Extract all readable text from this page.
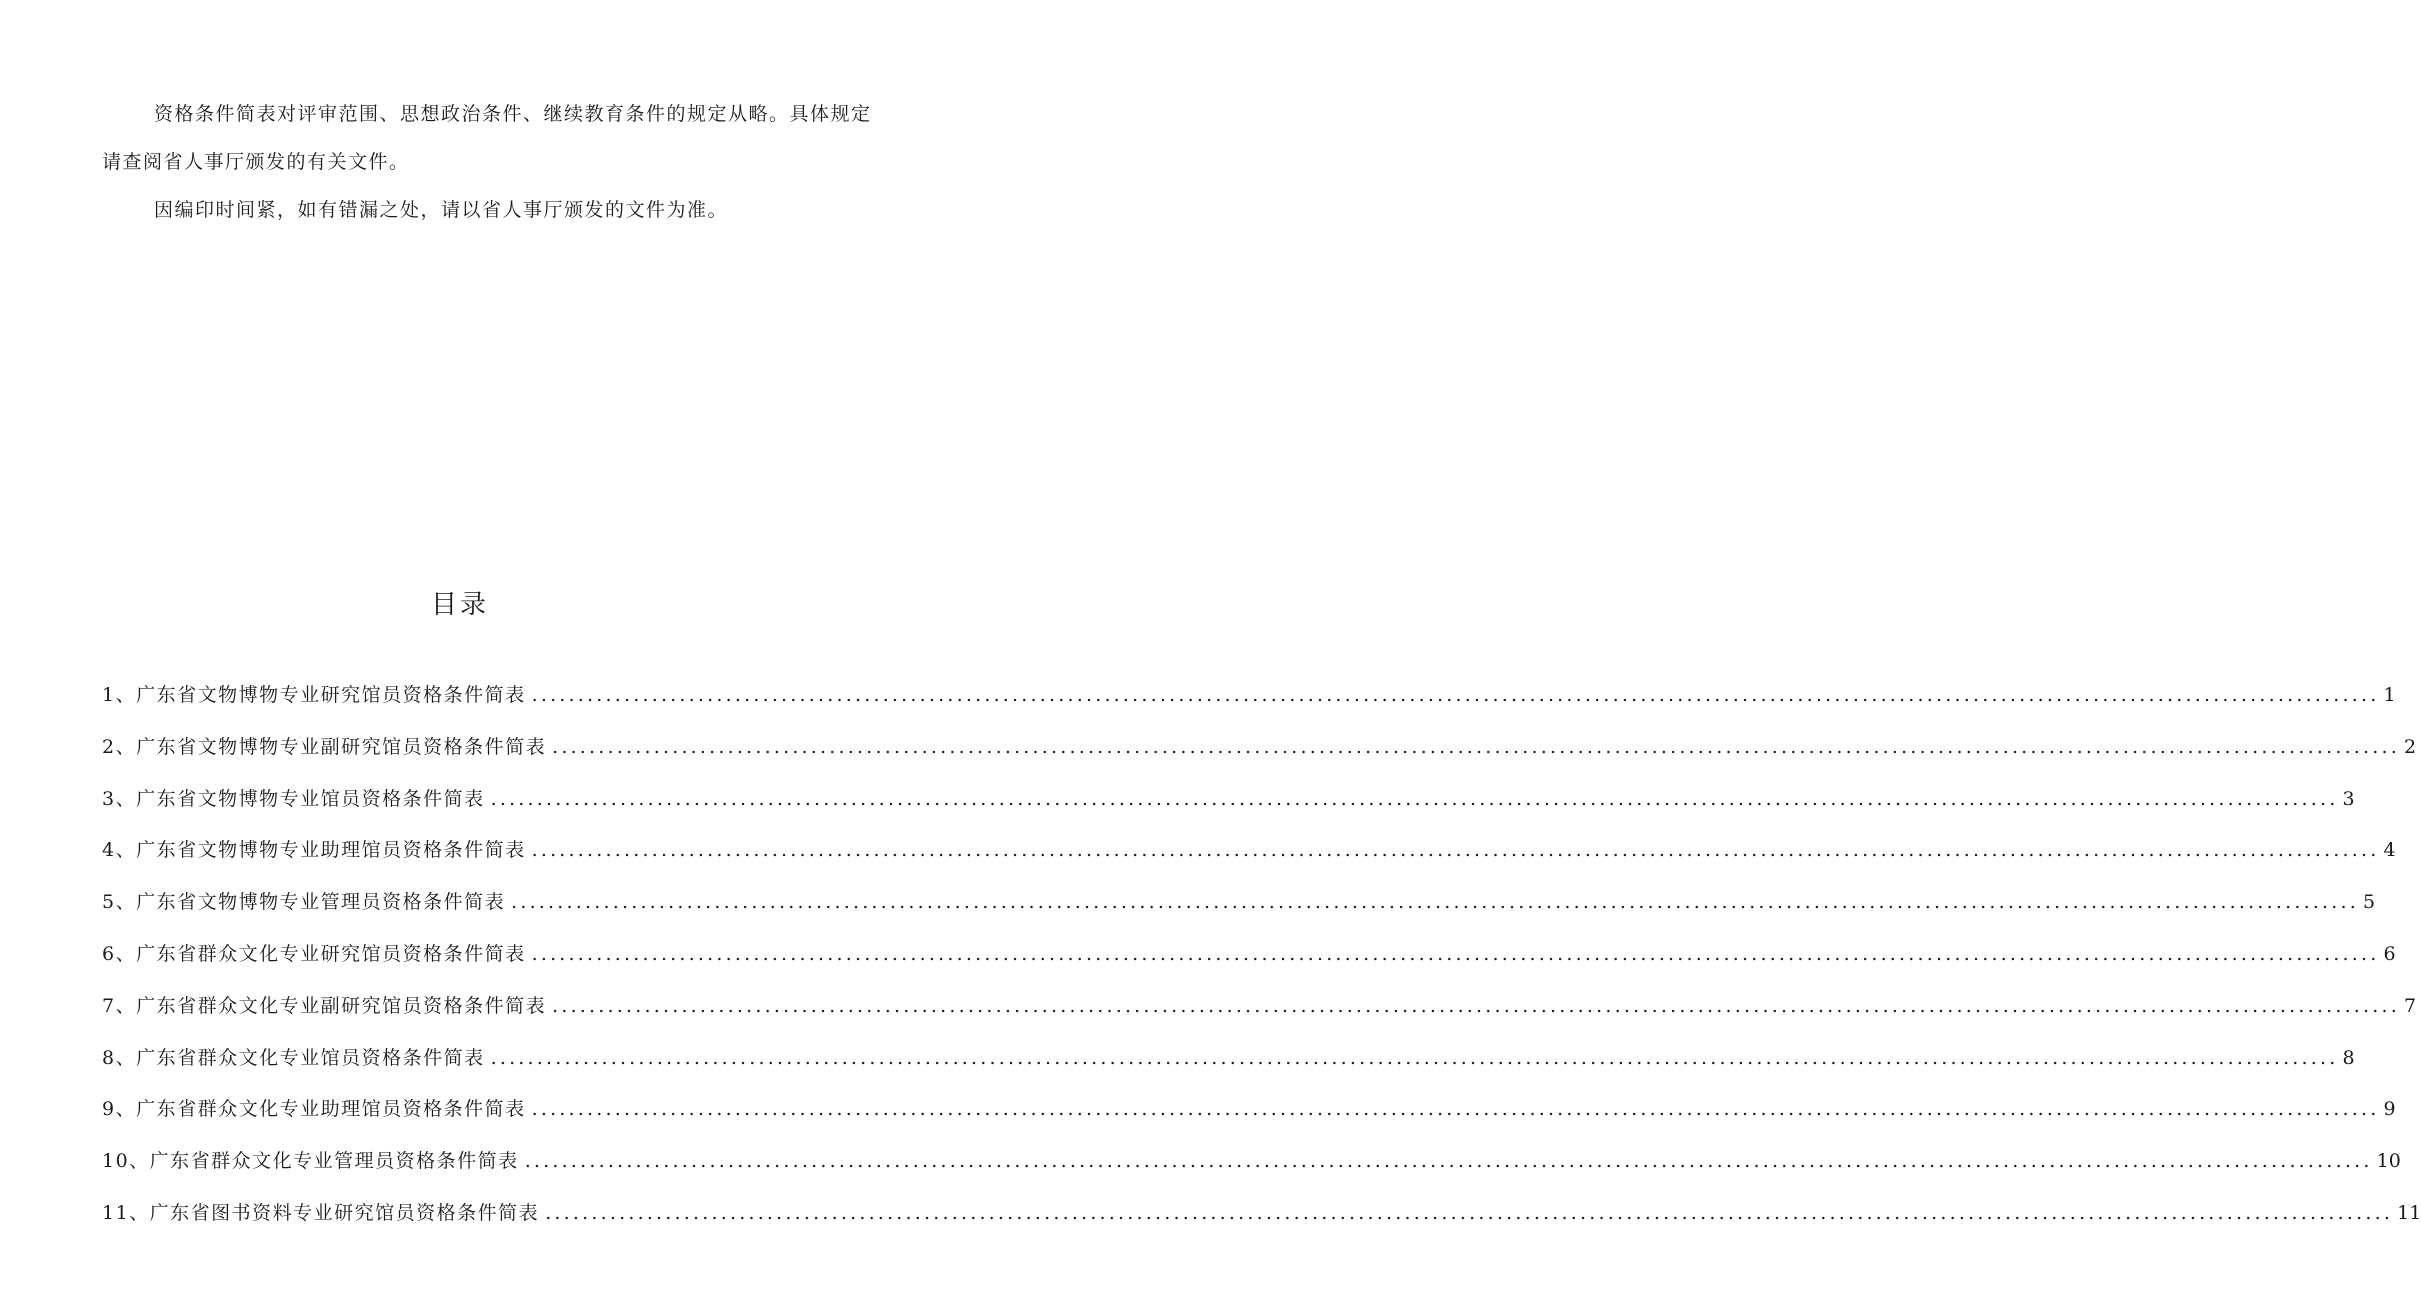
资格条件简表对评审范围、思想政治条件、继续教育条件的规定从略。具体规定请查阅省人事厅颁发的有关文件。

因编印时间紧，如有错漏之处，请以省人事厅颁发的文件为准。

目录
1、广东省文物博物专业研究馆员资格条件简表 ........................................................................................................................................................................................................ 1
2、广东省文物博物专业副研究馆员资格条件简表 ........................................................................................................................................................................................................ 2
3、广东省文物博物专业馆员资格条件简表 ........................................................................................................................................................................................................ 3
4、广东省文物博物专业助理馆员资格条件简表 ........................................................................................................................................................................................................ 4
5、广东省文物博物专业管理员资格条件简表 ........................................................................................................................................................................................................ 5
6、广东省群众文化专业研究馆员资格条件简表 ........................................................................................................................................................................................................ 6
7、广东省群众文化专业副研究馆员资格条件简表 ........................................................................................................................................................................................................ 7
8、广东省群众文化专业馆员资格条件简表 ........................................................................................................................................................................................................ 8
9、广东省群众文化专业助理馆员资格条件简表 ........................................................................................................................................................................................................ 9
10、广东省群众文化专业管理员资格条件简表 ........................................................................................................................................................................................................ 10
11、广东省图书资料专业研究馆员资格条件简表 ........................................................................................................................................................................................................ 11
